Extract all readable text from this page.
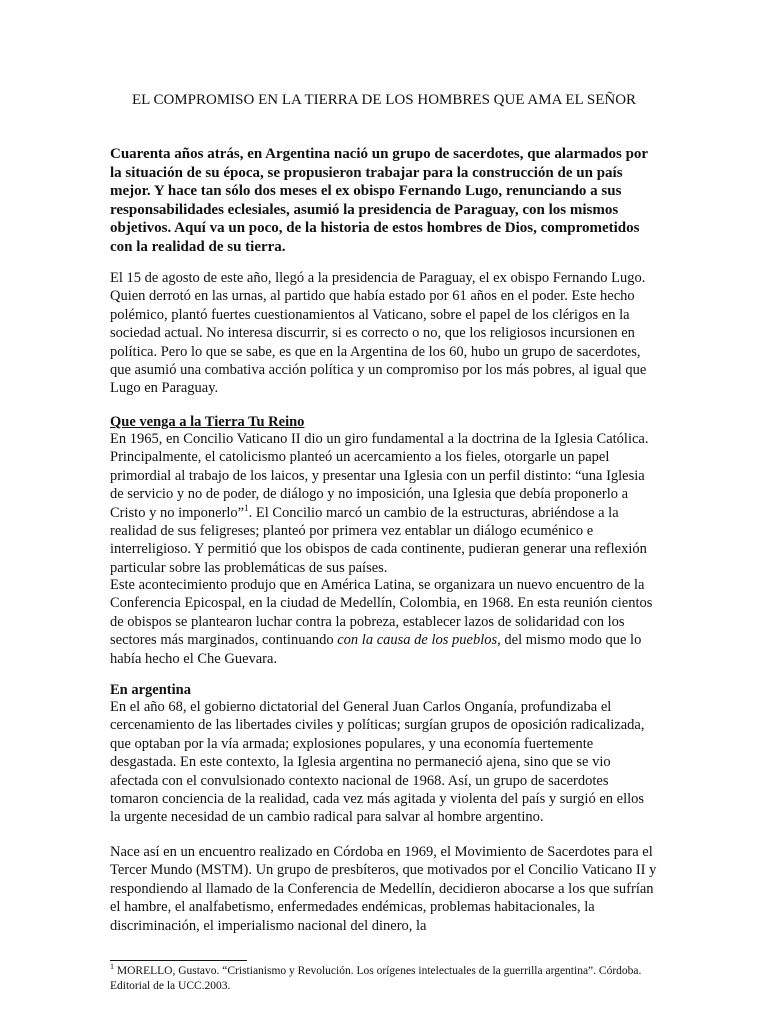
EL COMPROMISO EN LA TIERRA DE LOS HOMBRES QUE AMA EL SEÑOR

Cuarenta años atrás, en Argentina nació un grupo de sacerdotes, que alarmados por la situación de su época, se propusieron trabajar para la construcción de un país mejor. Y hace tan sólo dos meses el ex obispo Fernando Lugo, renunciando a sus responsabilidades eclesiales, asumió la presidencia de Paraguay, con los mismos objetivos. Aquí va un poco, de la historia de estos hombres de Dios, comprometidos con la realidad de su tierra.

El 15 de agosto de este año, llegó a la presidencia de Paraguay, el ex obispo Fernando Lugo. Quien derrotó en las urnas, al partido que había estado por 61 años en el poder. Este hecho polémico, plantó fuertes cuestionamientos al Vaticano, sobre el papel de los clérigos en la sociedad actual. No interesa discurrir, si es correcto o no, que los religiosos incursionen en política. Pero lo que se sabe, es que en la Argentina de los 60, hubo un grupo de sacerdotes, que asumió una combativa acción política y un compromiso por los más pobres, al igual que Lugo en Paraguay.

Que venga a la Tierra Tu Reino

En 1965, en Concilio Vaticano II dio un giro fundamental a la doctrina de la Iglesia Católica. Principalmente, el catolicismo planteó un acercamiento a los fieles, otorgarle un papel primordial al trabajo de los laicos, y presentar una Iglesia con un perfil distinto: “una Iglesia de servicio y no de poder, de diálogo y no imposición, una Iglesia que debía proponerlo a Cristo y no imponerlo”$^1$. El Concilio marcó un cambio de la estructuras, abriéndose a la realidad de sus feligreses; planteó por primera vez entablar un diálogo ecuménico e interreligioso. Y permitió que los obispos de cada continente, pudieran generar una reflexión particular sobre las problemáticas de sus países.

Este acontecimiento produjo que en América Latina, se organizara un nuevo encuentro de la Conferencia Epicospal, en la ciudad de Medellín, Colombia, en 1968. En esta reunión cientos de obispos se plantearon luchar contra la pobreza, establecer lazos de solidaridad con los sectores más marginados, continuando con la causa de los pueblos, del mismo modo que lo había hecho el Che Guevara.

En argentina

En el año 68, el gobierno dictatorial del General Juan Carlos Onganía, profundizaba el cercenamiento de las libertades civiles y políticas; surgían grupos de oposición radicalizada, que optaban por la vía armada; explosiones populares, y una economía fuertemente desgastada. En este contexto, la Iglesia argentina no permaneció ajena, sino que se vio afectada con el convulsionado contexto nacional de 1968. Así, un grupo de sacerdotes tomaron conciencia de la realidad, cada vez más agitada y violenta del país y surgió en ellos la urgente necesidad de un cambio radical para salvar al hombre argentino.

Nace así en un encuentro realizado en Córdoba en 1969, el Movimiento de Sacerdotes para el Tercer Mundo (MSTM). Un grupo de presbíteros, que motivados por el Concilio Vaticano II y respondiendo al llamado de la Conferencia de Medellín, decidieron abocarse a los que sufrían el hambre, el analfabetismo, enfermedades endémicas, problemas habitacionales, la discriminación, el imperialismo nacional del dinero, la

$^1$ MORELLO, Gustavo. “Cristianismo y Revolución. Los orígenes intelectuales de la guerrilla argentina”. Córdoba. Editorial de la UCC.2003.
